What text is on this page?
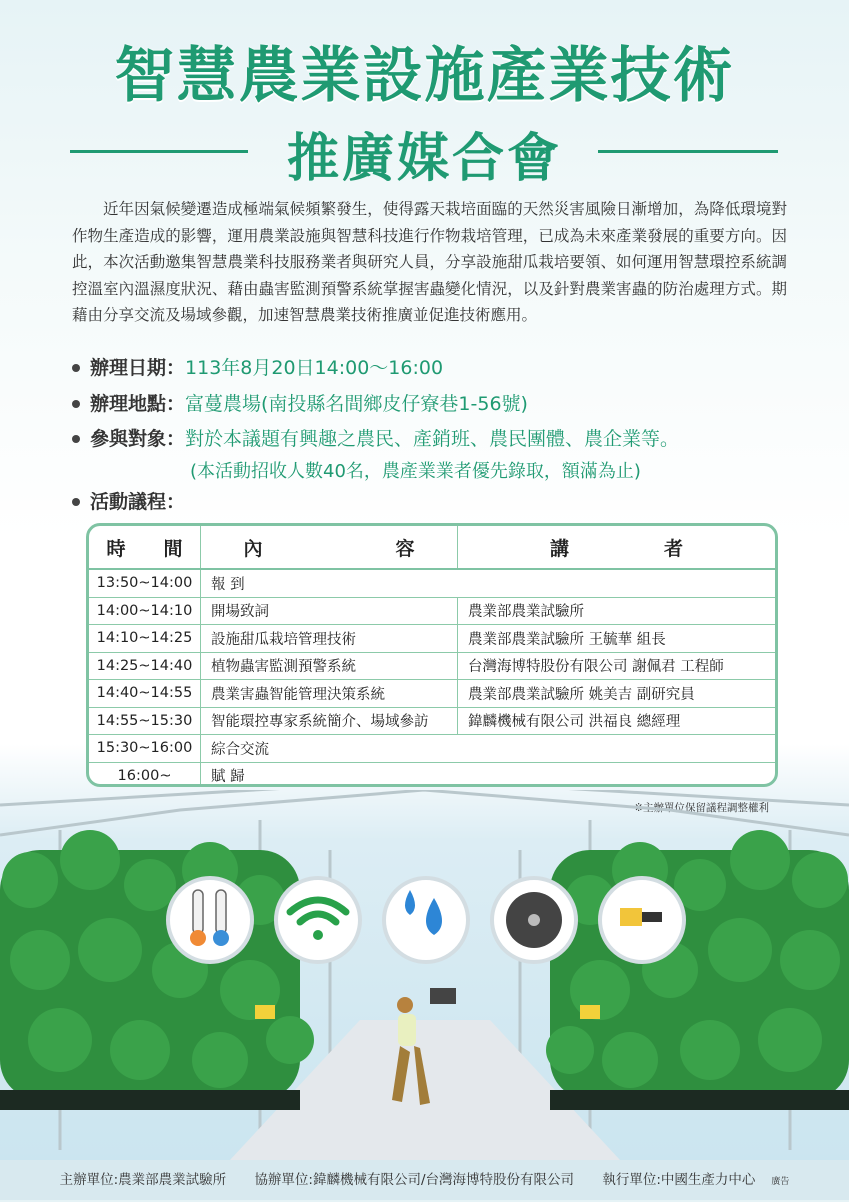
智慧農業設施產業技術
推廣媒合會
近年因氣候變遷造成極端氣候頻繁發生，使得露天栽培面臨的天然災害風險日漸增加，為降低環境對作物生產造成的影響，運用農業設施與智慧科技進行作物栽培管理，已成為未來產業發展的重要方向。因此，本次活動邀集智慧農業科技服務業者與研究人員，分享設施甜瓜栽培要領、如何運用智慧環控系統調控溫室內溫濕度狀況、藉由蟲害監測預警系統掌握害蟲變化情況，以及針對農業害蟲的防治處理方式。期藉由分享交流及場域參觀，加速智慧農業技術推廣並促進技術應用。
辦理日期：113年8月20日14:00～16:00
辦理地點：富蔓農場(南投縣名間鄉皮仔寮巷1-56號)
參與對象：對於本議題有興趣之農民、產銷班、農民團體、農企業等。
(本活動招收人數40名，農產業業者優先錄取，額滿為止)
活動議程：
時　　間	內　　　　　　　容	講　　　　　者
13:50~14:00	報 到	
14:00~14:10	開場致詞	農業部農業試驗所
14:10~14:25	設施甜瓜栽培管理技術	農業部農業試驗所 王毓華 組長
14:25~14:40	植物蟲害監測預警系統	台灣海博特股份有限公司 謝佩君 工程師
14:40~14:55	農業害蟲智能管理決策系統	農業部農業試驗所 姚美吉 副研究員
14:55~15:30	智能環控專家系統簡介、場域參訪	鍏麟機械有限公司 洪福良 總經理
15:30~16:00	綜合交流	
16:00~	賦 歸	
※主辦單位保留議程調整權利
主辦單位:農業部農業試驗所 協辦單位:鍏麟機械有限公司/台灣海博特股份有限公司 執行單位:中國生產力中心 廣告
